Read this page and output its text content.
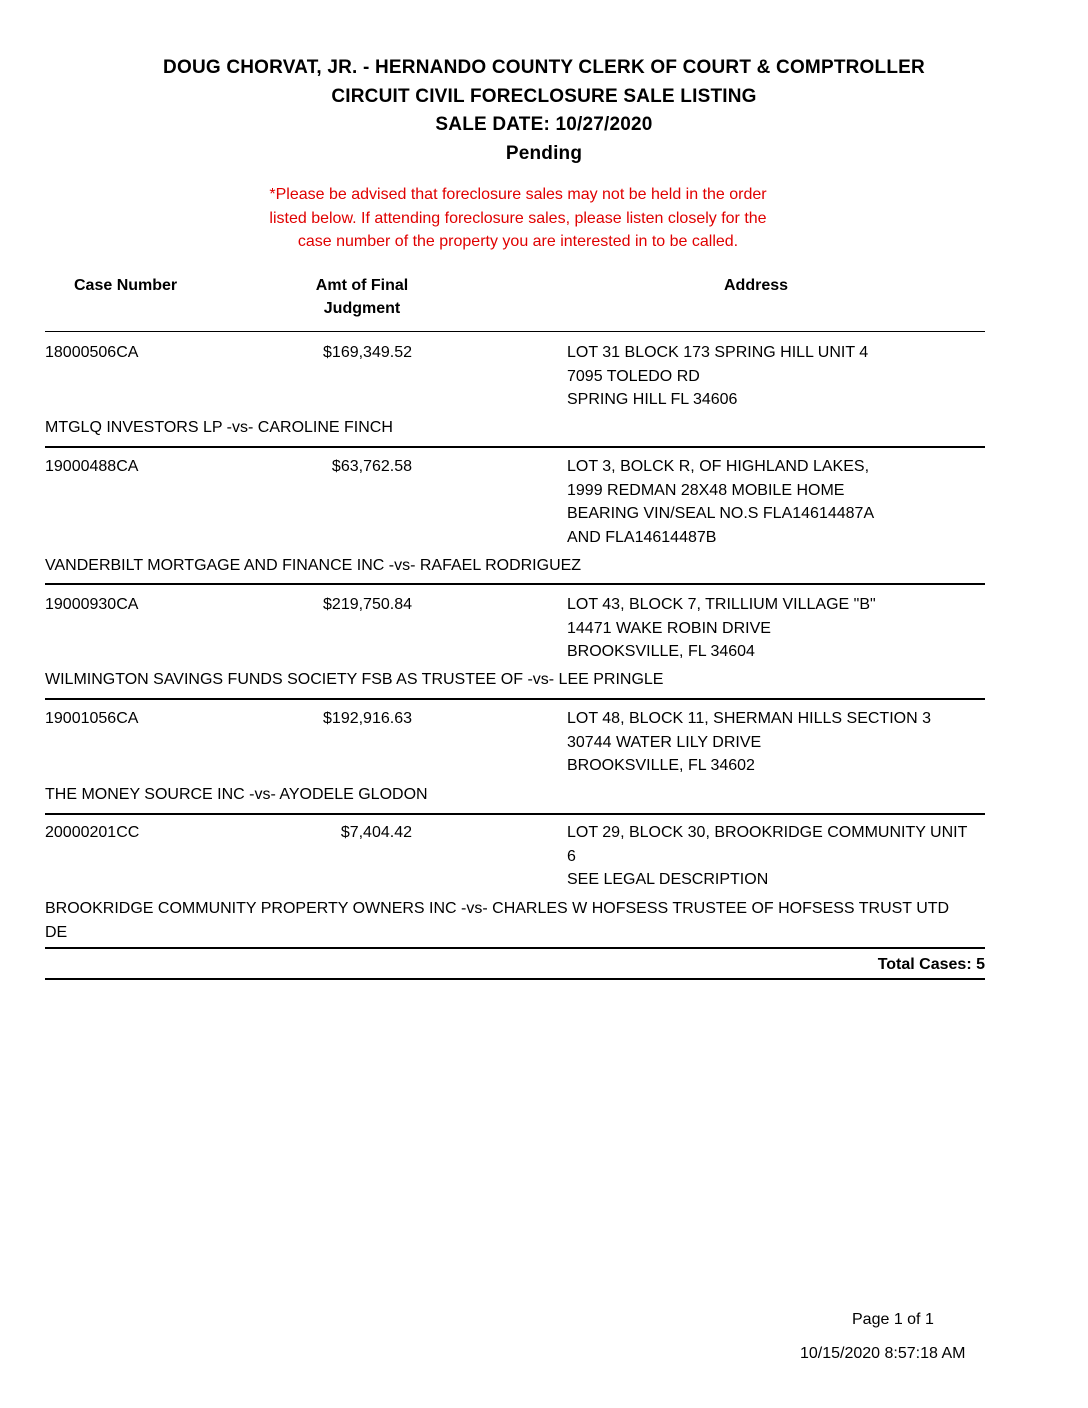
DOUG CHORVAT, JR. - HERNANDO COUNTY CLERK OF COURT & COMPTROLLER
CIRCUIT CIVIL FORECLOSURE SALE LISTING
SALE DATE: 10/27/2020
Pending
*Please be advised that foreclosure sales may not be held in the order
listed below. If attending foreclosure sales, please listen closely for the
case number of the property you are interested in to be called.
Case Number	Amt of Final
Judgment
Address
18000506CA	$169,349.52	LOT 31 BLOCK 173 SPRING HILL UNIT 4
7095 TOLEDO RD
SPRING HILL FL 34606
MTGLQ INVESTORS LP -vs- CAROLINE FINCH
19000488CA	$63,762.58	LOT 3, BOLCK R, OF HIGHLAND LAKES,
1999 REDMAN 28X48 MOBILE HOME
BEARING VIN/SEAL NO.S FLA14614487A
AND FLA14614487B
VANDERBILT MORTGAGE AND FINANCE INC -vs- RAFAEL RODRIGUEZ
19000930CA	$219,750.84	LOT 43, BLOCK 7, TRILLIUM VILLAGE "B"
14471 WAKE ROBIN DRIVE
BROOKSVILLE, FL 34604
WILMINGTON SAVINGS FUNDS SOCIETY FSB AS TRUSTEE OF -vs- LEE PRINGLE
19001056CA	$192,916.63	LOT 48, BLOCK 11, SHERMAN HILLS SECTION 3
30744 WATER LILY DRIVE
BROOKSVILLE, FL 34602
THE MONEY SOURCE INC -vs- AYODELE GLODON
20000201CC	$7,404.42	LOT 29, BLOCK 30, BROOKRIDGE COMMUNITY UNIT
6
SEE LEGAL DESCRIPTION
BROOKRIDGE COMMUNITY PROPERTY OWNERS INC -vs- CHARLES W HOFSESS TRUSTEE OF HOFSESS TRUST UTD
DE
Total Cases: 5
Page 1 of 1
10/15/2020 8:57:18 AM
